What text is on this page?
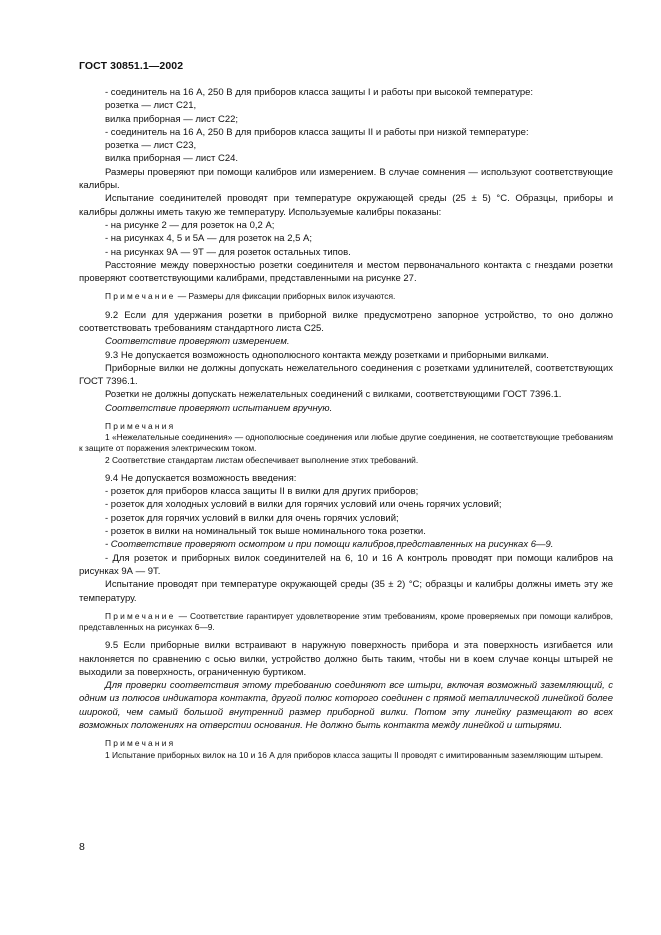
ГОСТ 30851.1—2002

- соединитель на 16 А, 250 В для приборов класса защиты I и работы при высокой температуре:

розетка — лист С21,

вилка приборная — лист С22;

- соединитель на 16 А, 250 В для приборов класса защиты II и работы при низкой температуре:

розетка — лист С23,

вилка приборная — лист С24.

Размеры проверяют при помощи калибров или измерением. В случае сомнения — используют соответствующие калибры.

Испытание соединителей проводят при температуре окружающей среды (25 ± 5) °С. Образцы, приборы и калибры должны иметь такую же температуру. Используемые калибры показаны:

- на рисунке 2 — для розеток на 0,2 А;

- на рисунках 4, 5 и 5А — для розеток на 2,5 А;

- на рисунках 9А — 9Т — для розеток остальных типов.

Расстояние между поверхностью розетки соединителя и местом первоначального контакта с гнездами розетки проверяют соответствующими калибрами, представленными на рисунке 27.

Примечание — Размеры для фиксации приборных вилок изучаются.

9.2 Если для удержания розетки в приборной вилке предусмотрено запорное устройство, то оно должно соответствовать требованиям стандартного листа С25.

Соответствие проверяют измерением.

9.3 Не допускается возможность однополюсного контакта между розетками и приборными вилками.

Приборные вилки не должны допускать нежелательного соединения с розетками удлинителей, соответствующих ГОСТ 7396.1.

Розетки не должны допускать нежелательных соединений с вилками, соответствующими ГОСТ 7396.1.

Соответствие проверяют испытанием вручную.

Примечания

1 «Нежелательные соединения» — однополюсные соединения или любые другие соединения, не соответствующие требованиям к защите от поражения электрическим током.

2 Соответствие стандартам листам обеспечивает выполнение этих требований.

9.4 Не допускается возможность введения:

- розеток для приборов класса защиты II в вилки для других приборов;

- розеток для холодных условий в вилки для горячих условий или очень горячих условий;

- розеток для горячих условий в вилки для очень горячих условий;

- розеток в вилки на номинальный ток выше номинального тока розетки.

- Соответствие проверяют осмотром и при помощи калибров,представленных на рисунках 6—9.

- Для розеток и приборных вилок соединителей на 6, 10 и 16 А контроль проводят при помощи калибров на рисунках 9А — 9Т.

Испытание проводят при температуре окружающей среды (35 ± 2) °С; образцы и калибры должны иметь эту же температуру.

Примечание — Соответствие гарантирует удовлетворение этим требованиям, кроме проверяемых при помощи калибров, представленных на рисунках 6—9.

9.5 Если приборные вилки встраивают в наружную поверхность прибора и эта поверхность изгибается или наклоняется по сравнению с осью вилки, устройство должно быть таким, чтобы ни в коем случае концы штырей не выходили за поверхность, ограниченную буртиком.

Для проверки соответствия этому требованию соединяют все штыри, включая возможный заземляющий, с одним из полюсов индикатора контакта, другой полюс которого соединен с прямой металлической линейкой более широкой, чем самый большой внутренний размер приборной вилки. Потом эту линейку размещают во всех возможных положениях на отверстии основания. Не должно быть контакта между линейкой и штырями.

Примечания

1 Испытание приборных вилок на 10 и 16 А для приборов класса защиты II проводят с имитированным заземляющим штырем.

8
